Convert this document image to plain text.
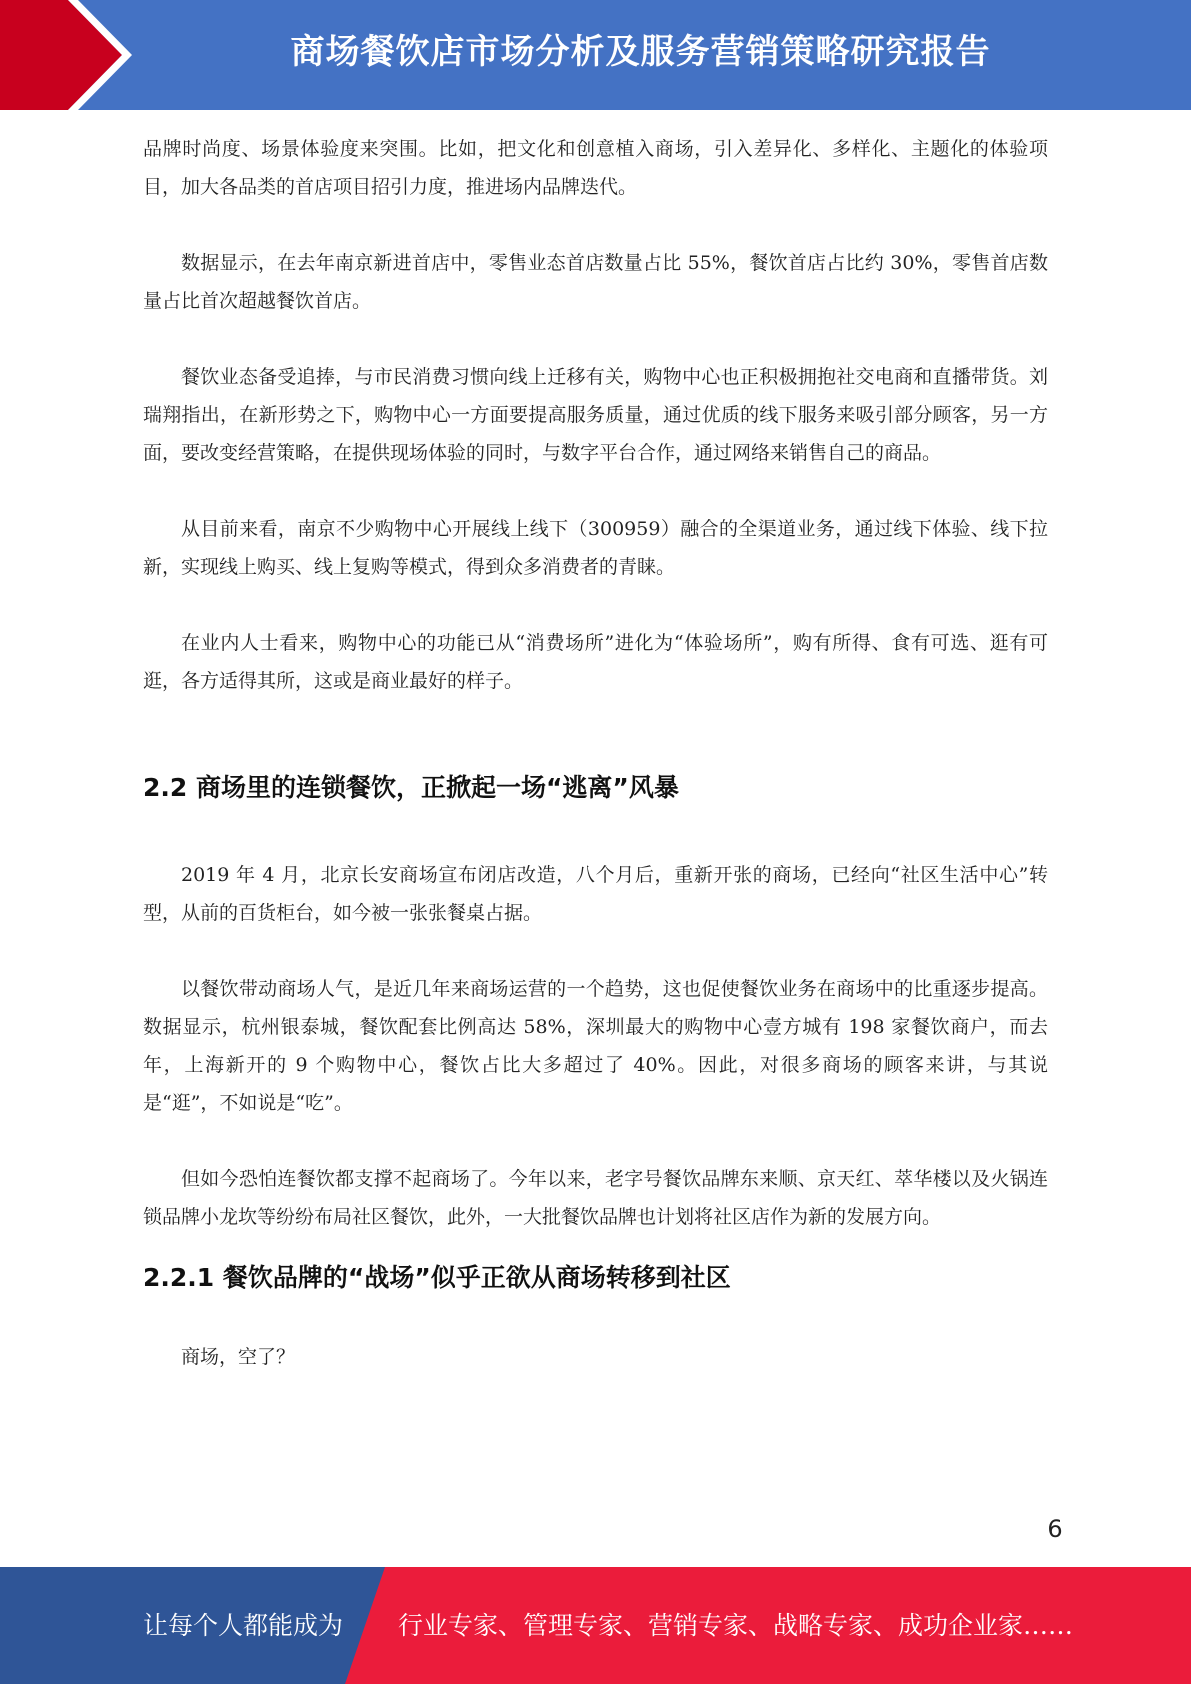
商场餐饮店市场分析及服务营销策略研究报告

品牌时尚度、场景体验度来突围。比如，把文化和创意植入商场，引入差异化、多样化、主题化的体验项目，加大各品类的首店项目招引力度，推进场内品牌迭代。

数据显示，在去年南京新进首店中，零售业态首店数量占比 55%，餐饮首店占比约 30%，零售首店数量占比首次超越餐饮首店。

餐饮业态备受追捧，与市民消费习惯向线上迁移有关，购物中心也正积极拥抱社交电商和直播带货。刘瑞翔指出，在新形势之下，购物中心一方面要提高服务质量，通过优质的线下服务来吸引部分顾客，另一方面，要改变经营策略，在提供现场体验的同时，与数字平台合作，通过网络来销售自己的商品。

从目前来看，南京不少购物中心开展线上线下（300959）融合的全渠道业务，通过线下体验、线下拉新，实现线上购买、线上复购等模式，得到众多消费者的青睐。

在业内人士看来，购物中心的功能已从“消费场所”进化为“体验场所”，购有所得、食有可选、逛有可逛，各方适得其所，这或是商业最好的样子。

2.2 商场里的连锁餐饮，正掀起一场“逃离”风暴

2019 年 4 月，北京长安商场宣布闭店改造，八个月后，重新开张的商场，已经向“社区生活中心”转型，从前的百货柜台，如今被一张张餐桌占据。

以餐饮带动商场人气，是近几年来商场运营的一个趋势，这也促使餐饮业务在商场中的比重逐步提高。数据显示，杭州银泰城，餐饮配套比例高达 58%，深圳最大的购物中心壹方城有 198 家餐饮商户，而去年，上海新开的 9 个购物中心，餐饮占比大多超过了 40%。因此，对很多商场的顾客来讲，与其说是“逛”，不如说是“吃”。

但如今恐怕连餐饮都支撑不起商场了。今年以来，老字号餐饮品牌东来顺、京天红、萃华楼以及火锅连锁品牌小龙坎等纷纷布局社区餐饮，此外，一大批餐饮品牌也计划将社区店作为新的发展方向。

2.2.1 餐饮品牌的“战场”似乎正欲从商场转移到社区

商场，空了？

6
让每个人都能成为 行业专家、管理专家、营销专家、战略专家、成功企业家……
